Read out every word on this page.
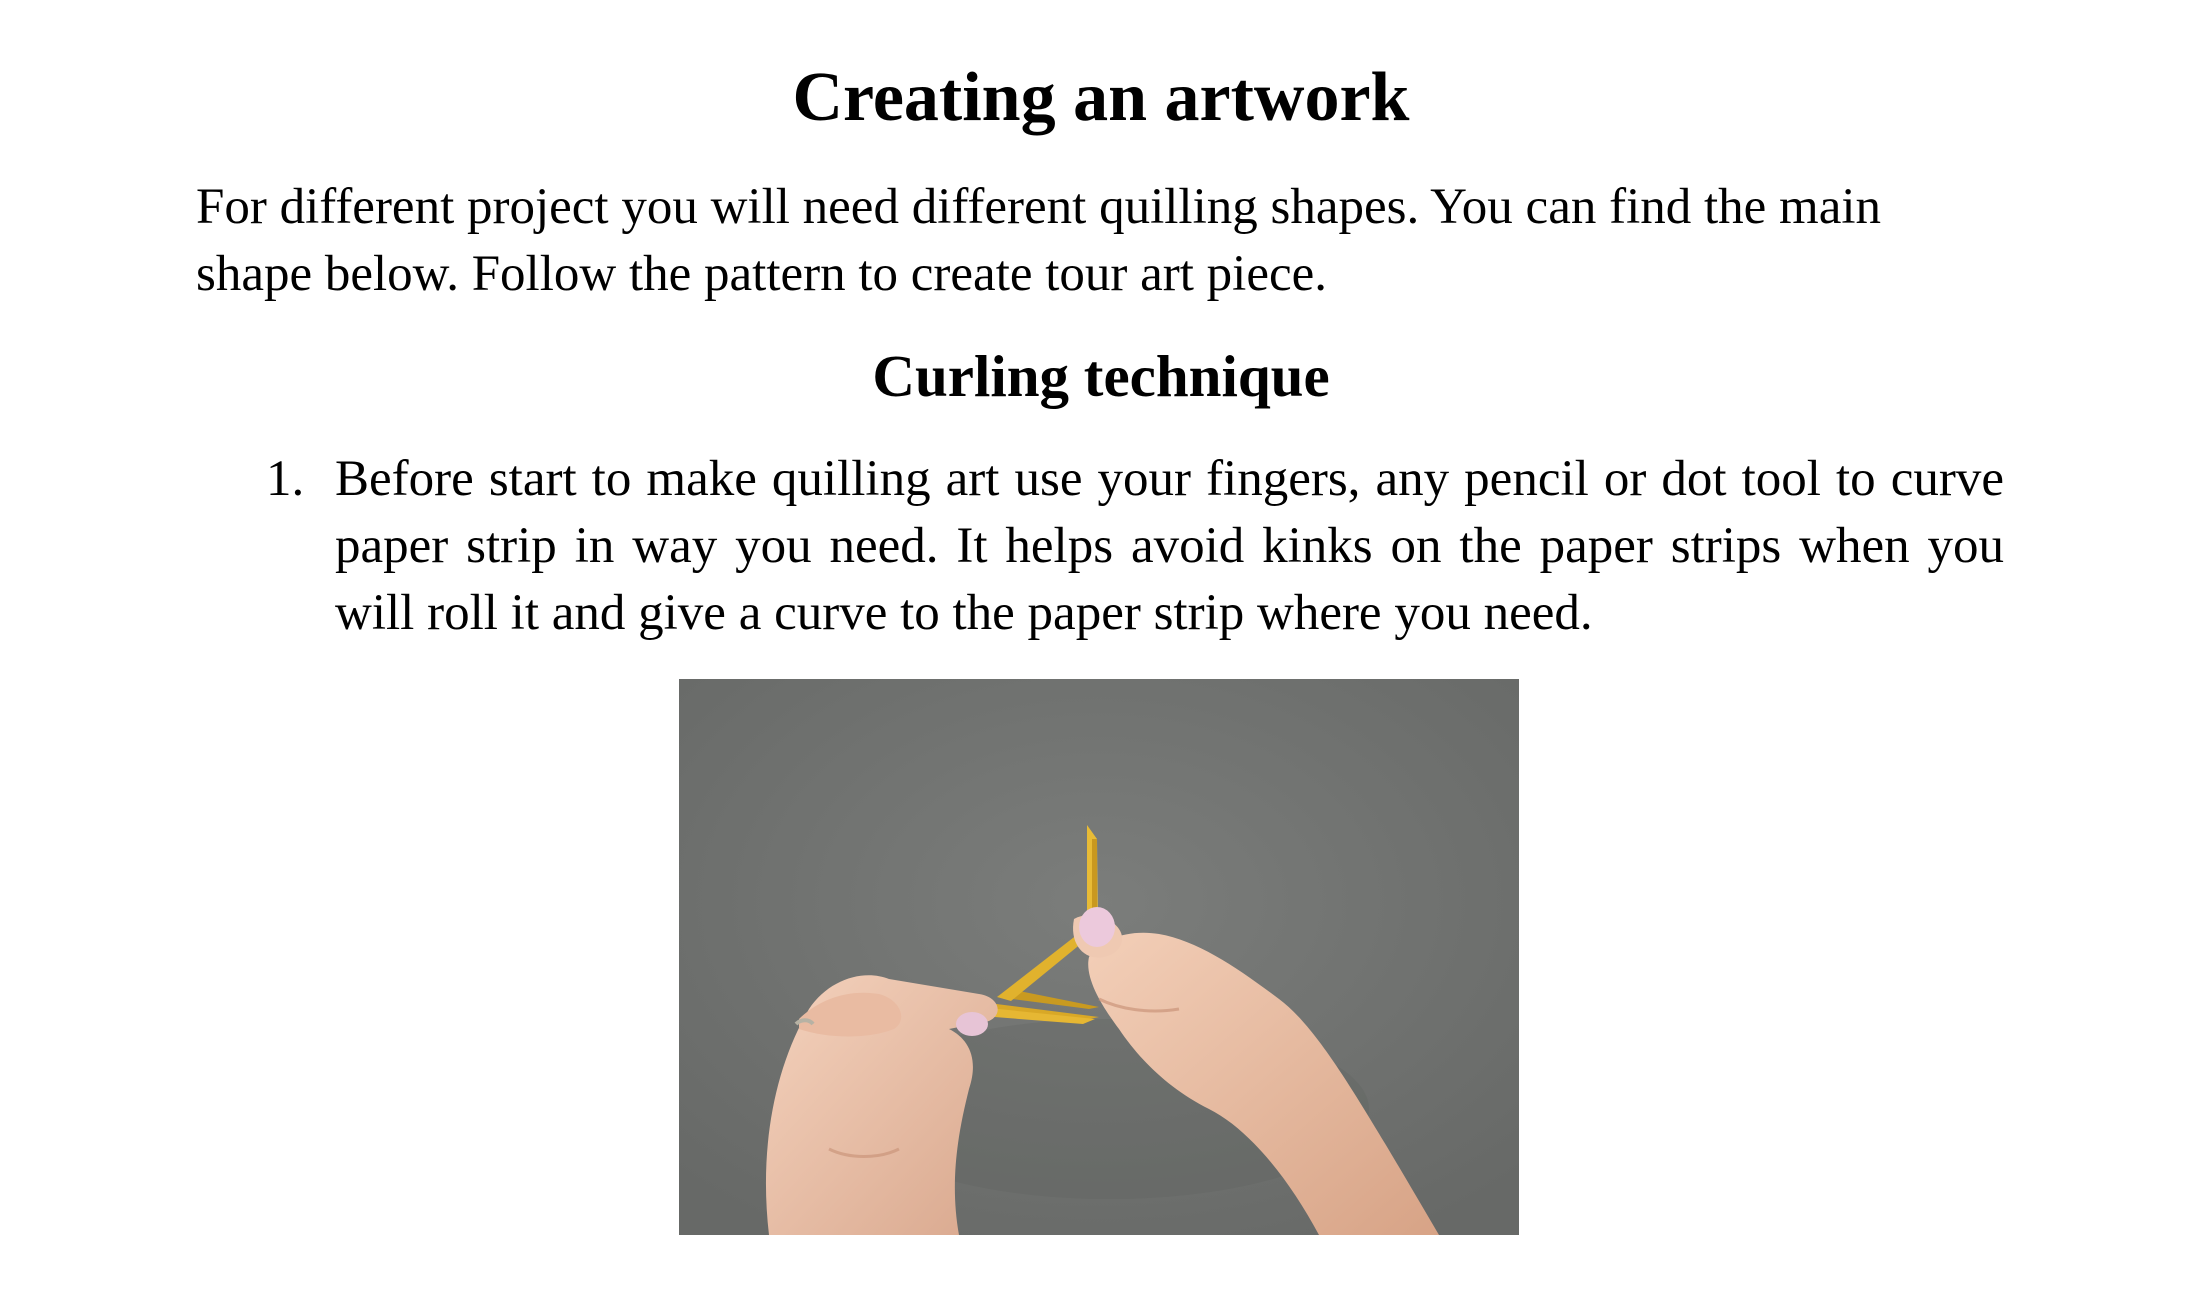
Creating an artwork

For different project you will need different quilling shapes. You can find the main shape below. Follow the pattern to create tour art piece.

Curling technique
1. Before start to make quilling art use your fingers, any pencil or dot tool to curve paper strip in way you need. It helps avoid kinks on the paper strips when you will roll it and give a curve to the paper strip where you need.
